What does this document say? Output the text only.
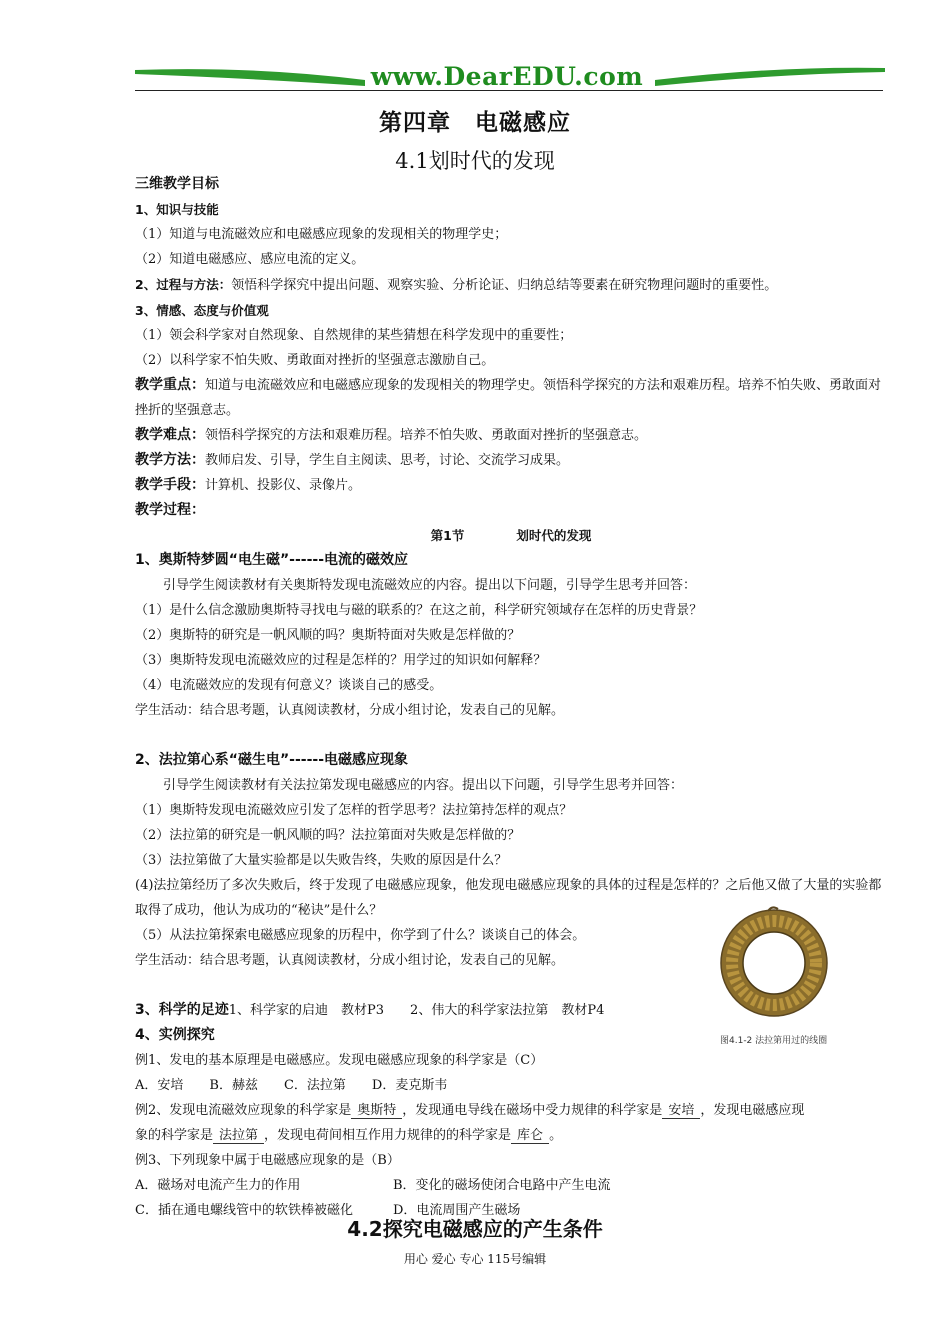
www.DearEDU.com
第四章　电磁感应
4.1划时代的发现
三维教学目标
1、知识与技能
（1）知道与电流磁效应和电磁感应现象的发现相关的物理学史；
（2）知道电磁感应、感应电流的定义。
2、过程与方法：领悟科学探究中提出问题、观察实验、分析论证、归纳总结等要素在研究物理问题时的重要性。
3、情感、态度与价值观
（1）领会科学家对自然现象、自然规律的某些猜想在科学发现中的重要性；
（2）以科学家不怕失败、勇敢面对挫折的坚强意志激励自己。
教学重点：知道与电流磁效应和电磁感应现象的发现相关的物理学史。领悟科学探究的方法和艰难历程。培养不怕失败、勇敢面对挫折的坚强意志。
教学难点：领悟科学探究的方法和艰难历程。培养不怕失败、勇敢面对挫折的坚强意志。
教学方法：教师启发、引导，学生自主阅读、思考，讨论、交流学习成果。
教学手段：计算机、投影仪、录像片。
教学过程：
第1节	划时代的发现
1、奥斯特梦圆“电生磁”------电流的磁效应
引导学生阅读教材有关奥斯特发现电流磁效应的内容。提出以下问题，引导学生思考并回答：
（1）是什么信念激励奥斯特寻找电与磁的联系的？在这之前，科学研究领域存在怎样的历史背景？
（2）奥斯特的研究是一帆风顺的吗？奥斯特面对失败是怎样做的？
（3）奥斯特发现电流磁效应的过程是怎样的？用学过的知识如何解释？
（4）电流磁效应的发现有何意义？谈谈自己的感受。
学生活动：结合思考题，认真阅读教材，分成小组讨论，发表自己的见解。
2、法拉第心系“磁生电”------电磁感应现象
引导学生阅读教材有关法拉第发现电磁感应的内容。提出以下问题，引导学生思考并回答：
（1）奥斯特发现电流磁效应引发了怎样的哲学思考？法拉第持怎样的观点？
（2）法拉第的研究是一帆风顺的吗？法拉第面对失败是怎样做的？
（3）法拉第做了大量实验都是以失败告终，失败的原因是什么？
(4)法拉第经历了多次失败后，终于发现了电磁感应现象，他发现电磁感应现象的具体的过程是怎样的？之后他又做了大量的实验都取得了成功，他认为成功的“秘诀”是什么？
（5）从法拉第探索电磁感应现象的历程中，你学到了什么？谈谈自己的体会。
学生活动：结合思考题，认真阅读教材，分成小组讨论，发表自己的见解。
3、科学的足迹1、科学家的启迪　教材P3 2、伟大的科学家法拉第　教材P4
4、实例探究
例1、发电的基本原理是电磁感应。发现电磁感应现象的科学家是（C）
A．安培 B．赫兹 C．法拉第 D．麦克斯韦
例2、发现电流磁效应现象的科学家是 奥斯特 ，发现通电导线在磁场中受力规律的科学家是 安培 ，发现电磁感应现
象的科学家是 法拉第 ，发现电荷间相互作用力规律的的科学家是 库仑 。
例3、下列现象中属于电磁感应现象的是（B）
A．磁场对电流产生力的作用	B．变化的磁场使闭合电路中产生电流
C．插在通电螺线管中的软铁棒被磁化	D．电流周围产生磁场
图4.1-2 法拉第用过的线圈
4.2探究电磁感应的产生条件
用心 爱心 专心 115号编辑
